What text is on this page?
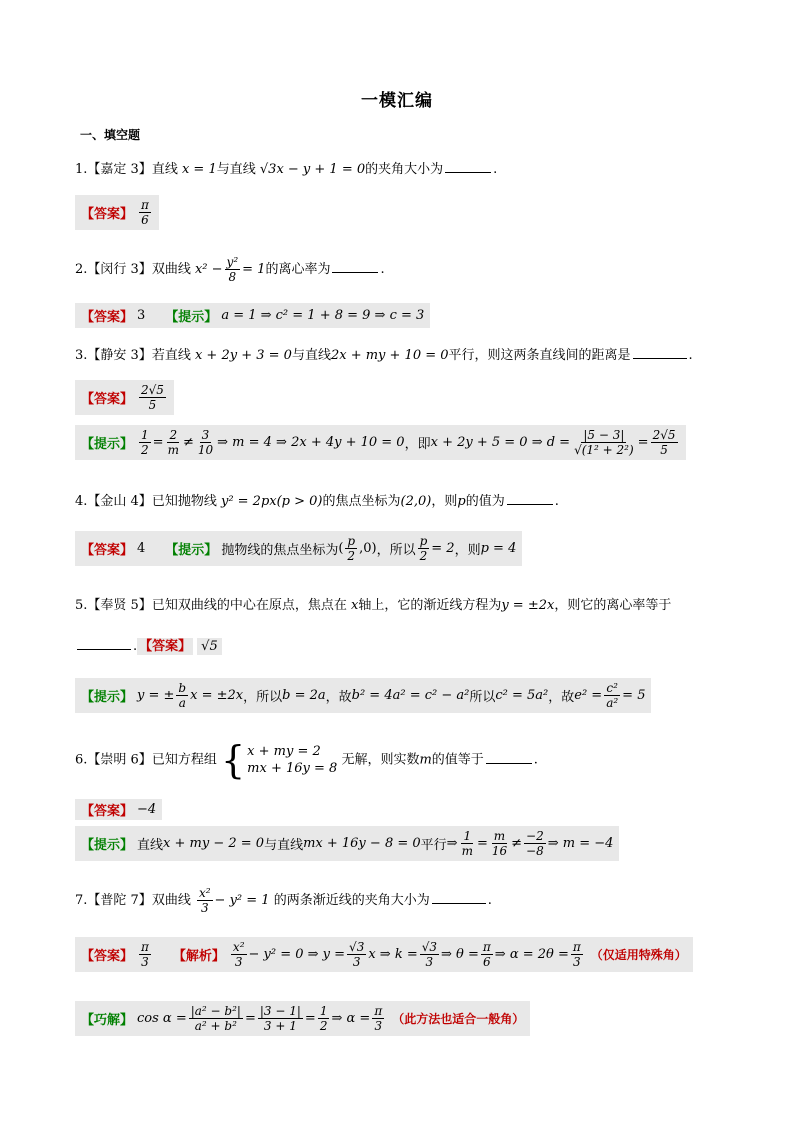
一模汇编
一、填空题
1.【嘉定 3】直线 x = 1与直线 √3x − y + 1 = 0的夹角大小为	.
【答案】 $\frac{\pi}{6}$
2.【闵行 3】双曲线 $x^2 - \frac{\text{y²}}{8} = 1$的离心率为	.
【答案】 3 【提示】 a = 1 ⇒ c² = 1 + 8 = 9 ⇒ c = 3
3.【静安 3】若直线 x + 2y + 3 = 0与直线2x + my + 10 = 0平行，则这两条直线间的距离是	.
【答案】 $\frac{2√5}{5}$
【提示】 $\frac{1}{2} = \frac{2}{m} \ne \frac{3}{10}$ ⇒ m = 4 ⇒ 2x + 4y + 10 = 0 ，即 x + 2y + 5 = 0 ⇒ $d = \frac{|5 - 3|}{\text{√(1² + 2²)}} = \frac{2√5}{5}$
4.【金山 4】已知抛物线 y² = 2px(p > 0)的焦点坐标为(2,0)，则p的值为	.
【答案】 4 【提示】 抛物线的焦点坐标为 ( $\frac{p}{2} ,0$ ) ，所以 $\frac{p}{2} = 2$ ，则 p = 4
5.【奉贤 5】已知双曲线的中心在原点，焦点在 x轴上，它的渐近线方程为y = ±2x，则它的离心率等于
. 【答案】 √5
【提示】 y = ± $\frac{b}{a}$ x = ±2x ，所以 b = 2a ，故 b² = 4a² = c² − a² 所以 c² = 5a² ，故 $e^2 = \frac{\text{c²}}{\text{a²}} = 5$
6.【崇明 6】已知方程组 { x + my = 2
mx + 16y = 8
无解，则实数m的值等于	.
【答案】 −4
【提示】 直线 x + my − 2 = 0 与直线 mx + 16y − 8 = 0 平行 ⇒ $\frac{1}{m} = \frac{m}{16} \ne \frac{-2}{-8}$ ⇒ m = −4
7.【普陀 7】双曲线 $\frac{\text{x²}}{3} - y^2 = 1$ 的两条渐近线的夹角大小为	.
【答案】 $\frac{\pi}{3}$ 【解析】 $\frac{\text{x²}}{3} - y^2 = 0$ ⇒ $y = \frac{√3}{3}$ x ⇒ $k = \frac{√3}{3}$ ⇒ $\theta = \frac{\pi}{6}$ ⇒ $\alpha = 2\theta = \frac{\pi}{3}$ （仅适用特殊角）
【巧解】 $\cos \alpha = \frac{\text{|a² − b²|}}{\text{a² + b²}} = \frac{|3 - 1|}{3 + 1} = \frac{1}{2}$ ⇒ $\alpha = \frac{\pi}{3}$ （此方法也适合一般角）
